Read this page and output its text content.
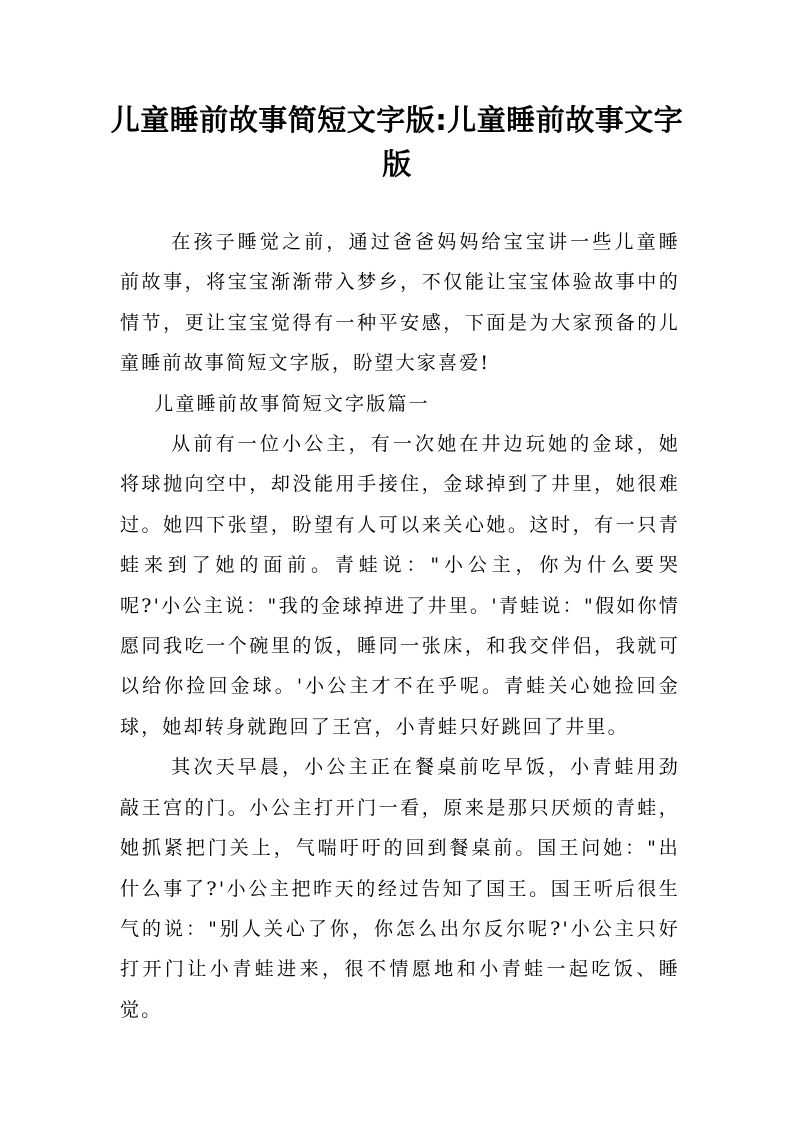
儿童睡前故事简短文字版:儿童睡前故事文字版

在孩子睡觉之前，通过爸爸妈妈给宝宝讲一些儿童睡前故事，将宝宝渐渐带入梦乡，不仅能让宝宝体验故事中的情节，更让宝宝觉得有一种平安感，下面是为大家预备的儿童睡前故事简短文字版，盼望大家喜爱!

儿童睡前故事简短文字版篇一

从前有一位小公主，有一次她在井边玩她的金球，她将球抛向空中，却没能用手接住，金球掉到了井里，她很难过。她四下张望，盼望有人可以来关心她。这时，有一只青蛙来到了她的面前。青蛙说："小公主，你为什么要哭呢?'小公主说："我的金球掉进了井里。'青蛙说："假如你情愿同我吃一个碗里的饭，睡同一张床，和我交伴侣，我就可以给你捡回金球。'小公主才不在乎呢。青蛙关心她捡回金球，她却转身就跑回了王宫，小青蛙只好跳回了井里。

其次天早晨，小公主正在餐桌前吃早饭，小青蛙用劲敲王宫的门。小公主打开门一看，原来是那只厌烦的青蛙，她抓紧把门关上，气喘吁吁的回到餐桌前。国王问她："出什么事了?'小公主把昨天的经过告知了国王。国王听后很生气的说："别人关心了你，你怎么出尔反尔呢?'小公主只好打开门让小青蛙进来，很不情愿地和小青蛙一起吃饭、睡觉。
